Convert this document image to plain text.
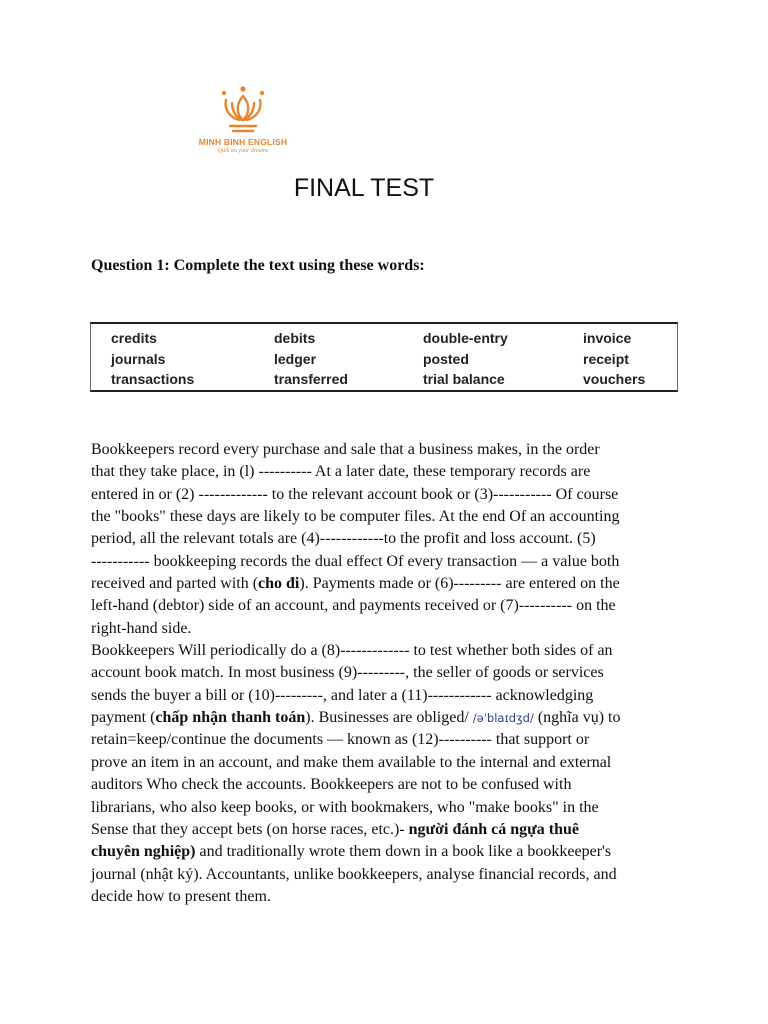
MINH BINH ENGLISH
Quik on your dreams
FINAL TEST

Question 1: Complete the text using these words:

credits
journals
transactions
debits
ledger
transferred
double-entry
posted
trial balance
invoice
receipt
vouchers
Bookkeepers record every purchase and sale that a business makes, in the order
that they take place, in (l) ---------- At a later date, these temporary records are
entered in or (2) ------------- to the relevant account book or (3)----------- Of course
the "books" these days are likely to be computer files. At the end Of an accounting
period, all the relevant totals are (4)------------to the profit and loss account. (5)
----------- bookkeeping records the dual effect Of every transaction — a value both
received and parted with (cho đi). Payments made or (6)--------- are entered on the
left-hand (debtor) side of an account, and payments received or (7)---------- on the
right-hand side.
Bookkeepers Will periodically do a (8)------------- to test whether both sides of an
account book match. In most business (9)---------, the seller of goods or services
sends the buyer a bill or (10)---------, and later a (11)------------ acknowledging
payment (chấp nhận thanh toán). Businesses are obliged/ /əˈblaɪdʒd/ (nghĩa vụ) to
retain=keep/continue the documents — known as (12)---------- that support or
prove an item in an account, and make them available to the internal and external
auditors Who check the accounts. Bookkeepers are not to be confused with
librarians, who also keep books, or with bookmakers, who "make books" in the
Sense that they accept bets (on horse races, etc.)- người đánh cá ngựa thuê
chuyên nghiệp) and traditionally wrote them down in a book like a bookkeeper's
journal (nhật ký). Accountants, unlike bookkeepers, analyse financial records, and
decide how to present them.
